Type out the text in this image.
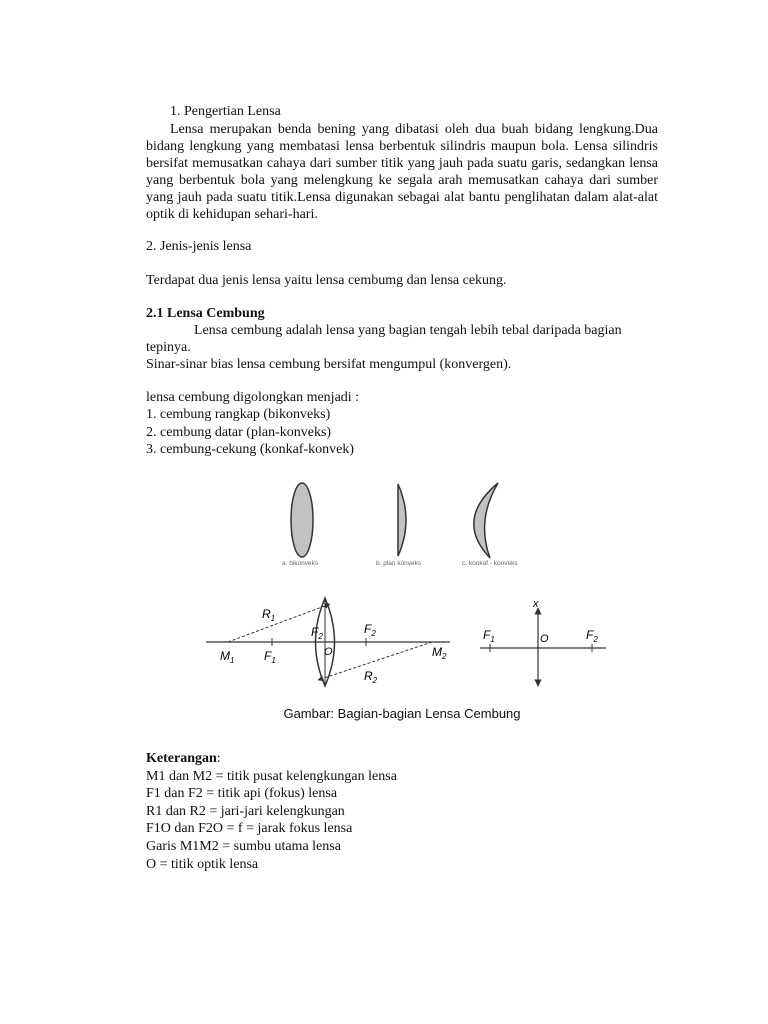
1. Pengertian Lensa
Lensa merupakan benda bening yang dibatasi oleh dua buah bidang lengkung.Dua bidang lengkung yang membatasi lensa berbentuk silindris maupun bola. Lensa silindris bersifat memusatkan cahaya dari sumber titik yang jauh pada suatu garis, sedangkan lensa yang berbentuk bola yang melengkung ke segala arah memusatkan cahaya dari sumber yang jauh pada suatu titik.Lensa digunakan sebagai alat bantu penglihatan dalam alat-alat optik di kehidupan sehari-hari.
2. Jenis-jenis lensa
Terdapat dua jenis lensa yaitu lensa cembumg dan lensa cekung.
2.1 Lensa Cembung
Lensa cembung adalah lensa yang bagian tengah lebih tebal daripada bagian tepinya.
Sinar-sinar bias lensa cembung bersifat mengumpul (konvergen).
lensa cembung digolongkan menjadi :
1. cembung rangkap (bikonveks)
2. cembung datar (plan-konveks)
3. cembung-cekung (konkaf-konvek)
a. bikonveks	b. plan konveks	c. konkaf - konveks
$R_1$
$R_2$
$M_1$
$M_2$
$F_1$
$F_2$
$F_2$
O
x
$F_1$	O	$F_2$
Gambar: Bagian-bagian Lensa Cembung
Keterangan:
M1 dan M2 = titik pusat kelengkungan lensa
F1 dan F2 = titik api (fokus) lensa
R1 dan R2 = jari-jari kelengkungan
F1O dan F2O = f = jarak fokus lensa
Garis M1M2 = sumbu utama lensa
O = titik optik lensa
